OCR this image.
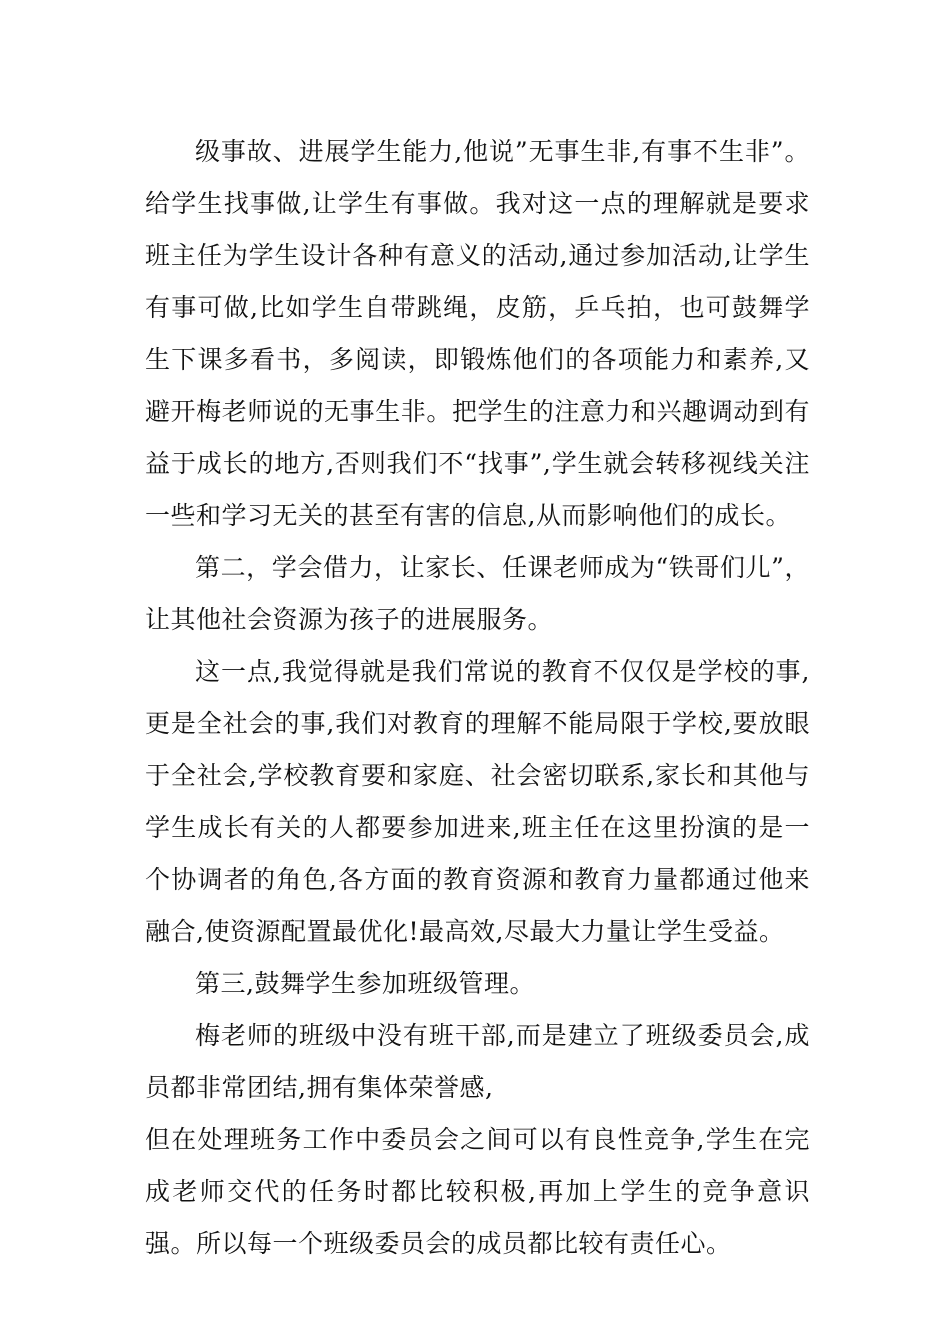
级事故、进展学生能力,他说”无事生非,有事不生非”。给学生找事做,让学生有事做。我对这一点的理解就是要求班主任为学生设计各种有意义的活动,通过参加活动,让学生有事可做,比如学生自带跳绳，皮筋，乒乓拍，也可鼓舞学生下课多看书，多阅读，即锻炼他们的各项能力和素养,又避开梅老师说的无事生非。把学生的注意力和兴趣调动到有益于成长的地方,否则我们不“找事”,学生就会转移视线关注一些和学习无关的甚至有害的信息,从而影响他们的成长。

第二，学会借力，让家长、任课老师成为“铁哥们儿”，让其他社会资源为孩子的进展服务。

这一点,我觉得就是我们常说的教育不仅仅是学校的事,更是全社会的事,我们对教育的理解不能局限于学校,要放眼于全社会,学校教育要和家庭、社会密切联系,家长和其他与学生成长有关的人都要参加进来,班主任在这里扮演的是一个协调者的角色,各方面的教育资源和教育力量都通过他来融合,使资源配置最优化!最高效,尽最大力量让学生受益。

第三,鼓舞学生参加班级管理。

梅老师的班级中没有班干部,而是建立了班级委员会,成员都非常团结,拥有集体荣誉感,

但在处理班务工作中委员会之间可以有良性竞争,学生在完成老师交代的任务时都比较积极,再加上学生的竞争意识强。所以每一个班级委员会的成员都比较有责任心。
